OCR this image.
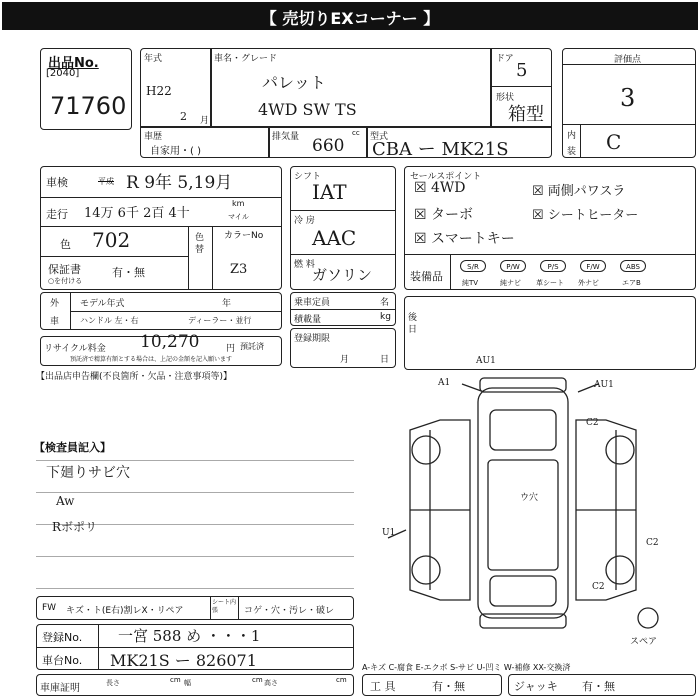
【 売切りEXコーナー 】
出品No.
[2040]
71760
年式
H22
2 月
車名・グレード
パレット
4WD SW TS
ドア
5
形状
箱型
車歴
自家用・( )
排気量	cc
660	型式
CBA ー MK21S
評価点
3
内
装 C
車検	平成 R 9年 5,19月
走行 14万 6千 2百 4十
km
マイル
色 702	色
替
カラーNo
Z3
保証書
○を付ける
有・無
シフト
IAT
冷 房
AAC
燃 料
ガソリン
セールスポイント
☒ 4WD	☒ 両側パワスラ
☒ ターボ	☒ シートヒーター
☒ スマートキー
装備品
S/R	P/W	P/S	F/W	ABS
純TV	純ナビ 革シート 外ナビ	エアB
外
車
モデル年式	年
ハンドル 左・右	ディーラー・並行
乗車定員	名
積載量	kg 後
日
リサイクル料金 10,270	円 預託済
預託済で精算有額とする場合は、上記の金額を記入願います
登録期限
月	日
【出品店申告欄(不良箇所・欠品・注意事項等)】
【検査員記入】
下廻りサビ穴
Aw
Rボポリ
AU1
AU1
A1
C2
U1
C2
C2
ウ穴
スペア
FW キズ・ト(E右)割レX・リペア
シート内 張	コゲ・穴・汚レ・破レ
登録No. 一宮 588 め ・・・1
車台No. MK21S ー 826071	A-キズ C-腐食 E-エクボ S-サビ U-凹ミ W-補修 XX-交換済
車庫証明	長さ	cm 幅	cm 高さ	cm 工 具	有・無	ジャッキ 有・無
